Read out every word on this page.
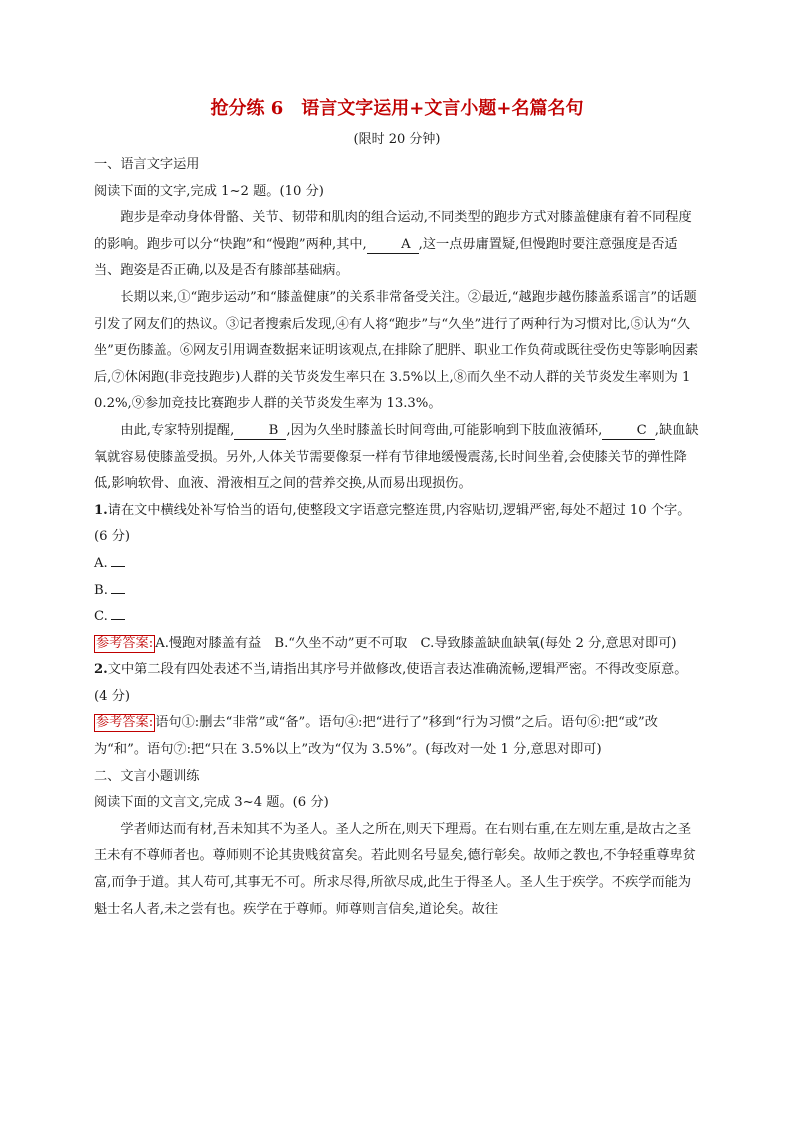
抢分练 6　语言文字运用+文言小题+名篇名句
(限时 20 分钟)

一、语言文字运用

阅读下面的文字,完成 1~2 题。(10 分)

跑步是牵动身体骨骼、关节、韧带和肌肉的组合运动,不同类型的跑步方式对膝盖健康有着不同程度的影响。跑步可以分“快跑”和“慢跑”两种,其中,	A ,这一点毋庸置疑,但慢跑时要注意强度是否适当、跑姿是否正确,以及是否有膝部基础病。

长期以来,①“跑步运动”和“膝盖健康”的关系非常备受关注。②最近,“越跑步越伤膝盖系谣言”的话题引发了网友们的热议。③记者搜索后发现,④有人将“跑步”与“久坐”进行了两种行为习惯对比,⑤认为“久坐”更伤膝盖。⑥网友引用调查数据来证明该观点,在排除了肥胖、职业工作负荷或既往受伤史等影响因素后,⑦休闲跑(非竞技跑步)人群的关节炎发生率只在 3.5%以上,⑧而久坐不动人群的关节炎发生率则为 10.2%,⑨参加竞技比赛跑步人群的关节炎发生率为 13.3%。

由此,专家特别提醒,	B ,因为久坐时膝盖长时间弯曲,可能影响到下肢血液循环,	C ,缺血缺氧就容易使膝盖受损。另外,人体关节需要像泵一样有节律地缓慢震荡,长时间坐着,会使膝关节的弹性降低,影响软骨、血液、滑液相互之间的营养交换,从而易出现损伤。

1.请在文中横线处补写恰当的语句,使整段文字语意完整连贯,内容贴切,逻辑严密,每处不超过 10 个字。(6 分)

A.

B.

C.

参考答案: A.慢跑对膝盖有益　B.“久坐不动”更不可取　C.导致膝盖缺血缺氧(每处 2 分,意思对即可)

2.文中第二段有四处表述不当,请指出其序号并做修改,使语言表达准确流畅,逻辑严密。不得改变原意。(4 分)

参考答案: 语句①:删去“非常”或“备”。语句④:把“进行了”移到“行为习惯”之后。语句⑥:把“或”改为“和”。语句⑦:把“只在 3.5%以上”改为“仅为 3.5%”。(每改对一处 1 分,意思对即可)

二、文言小题训练

阅读下面的文言文,完成 3~4 题。(6 分)

学者师达而有材,吾未知其不为圣人。圣人之所在,则天下理焉。在右则右重,在左则左重,是故古之圣王未有不尊师者也。尊师则不论其贵贱贫富矣。若此则名号显矣,德行彰矣。故师之教也,不争轻重尊卑贫富,而争于道。其人苟可,其事无不可。所求尽得,所欲尽成,此生于得圣人。圣人生于疾学。不疾学而能为魁士名人者,未之尝有也。疾学在于尊师。师尊则言信矣,道论矣。故往
